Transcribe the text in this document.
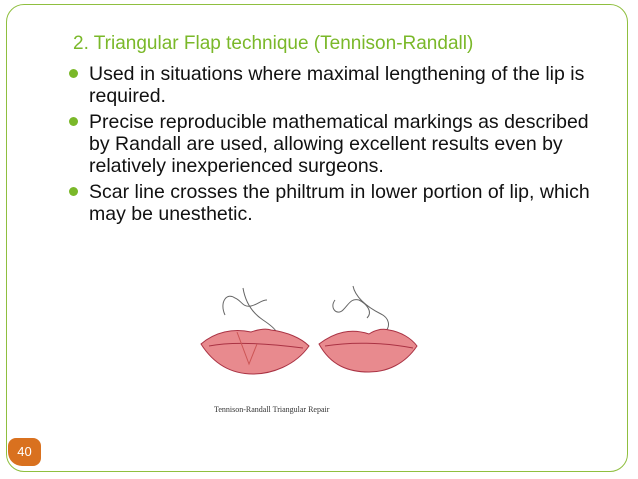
2. Triangular Flap technique (Tennison-Randall)
Used in situations where maximal lengthening of the lip is required.
Precise reproducible mathematical markings as described by Randall are used, allowing excellent results even by relatively inexperienced surgeons.
Scar line crosses the philtrum in lower portion of lip, which may be unesthetic.
Tennison-Randall Triangular Repair
40
